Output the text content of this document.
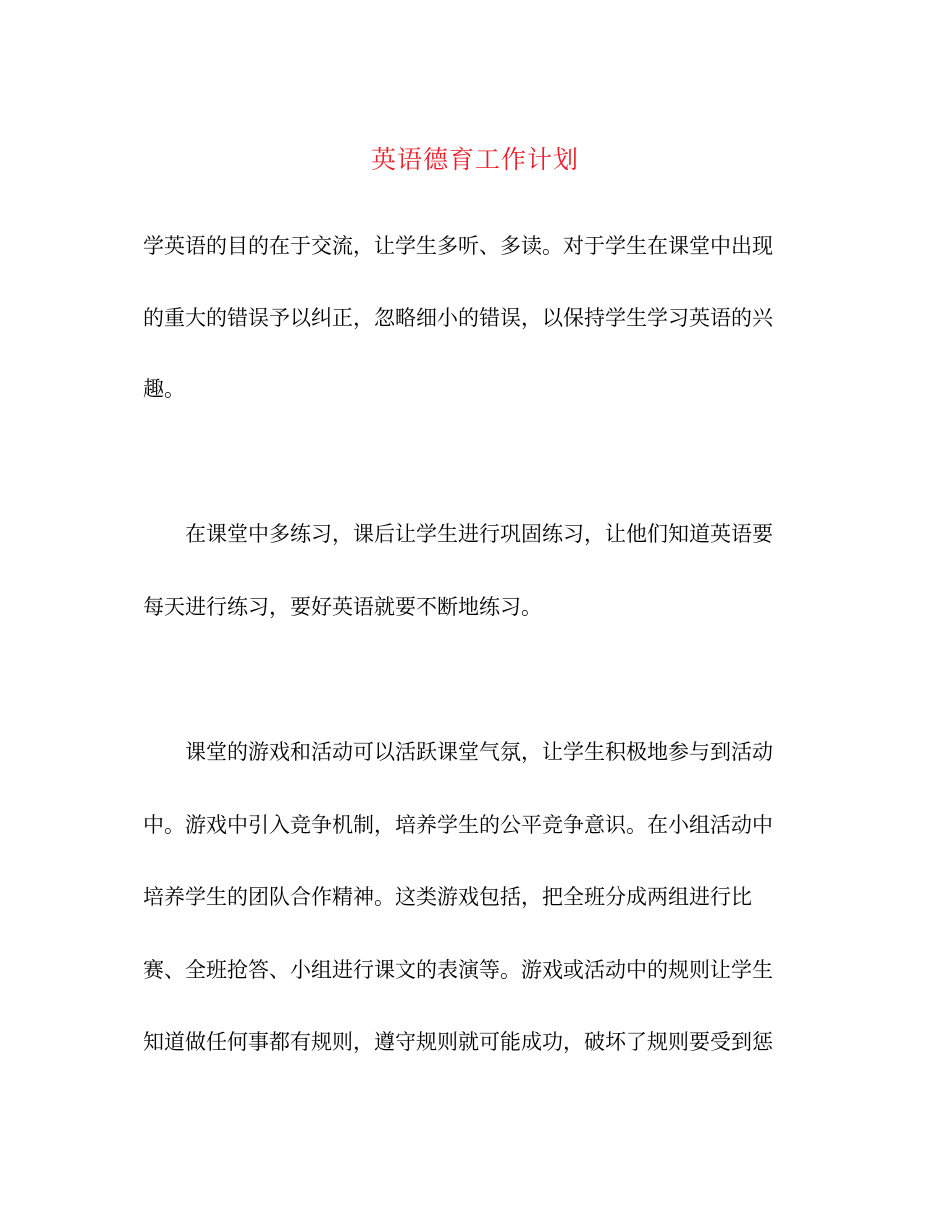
英语德育工作计划

学英语的目的在于交流，让学生多听、多读。对于学生在课堂中出现

的重大的错误予以纠正，忽略细小的错误，以保持学生学习英语的兴

趣。

在课堂中多练习，课后让学生进行巩固练习，让他们知道英语要

每天进行练习，要好英语就要不断地练习。

课堂的游戏和活动可以活跃课堂气氛，让学生积极地参与到活动

中。游戏中引入竞争机制，培养学生的公平竞争意识。在小组活动中

培养学生的团队合作精神。这类游戏包括，把全班分成两组进行比

赛、全班抢答、小组进行课文的表演等。游戏或活动中的规则让学生

知道做任何事都有规则，遵守规则就可能成功，破坏了规则要受到惩
